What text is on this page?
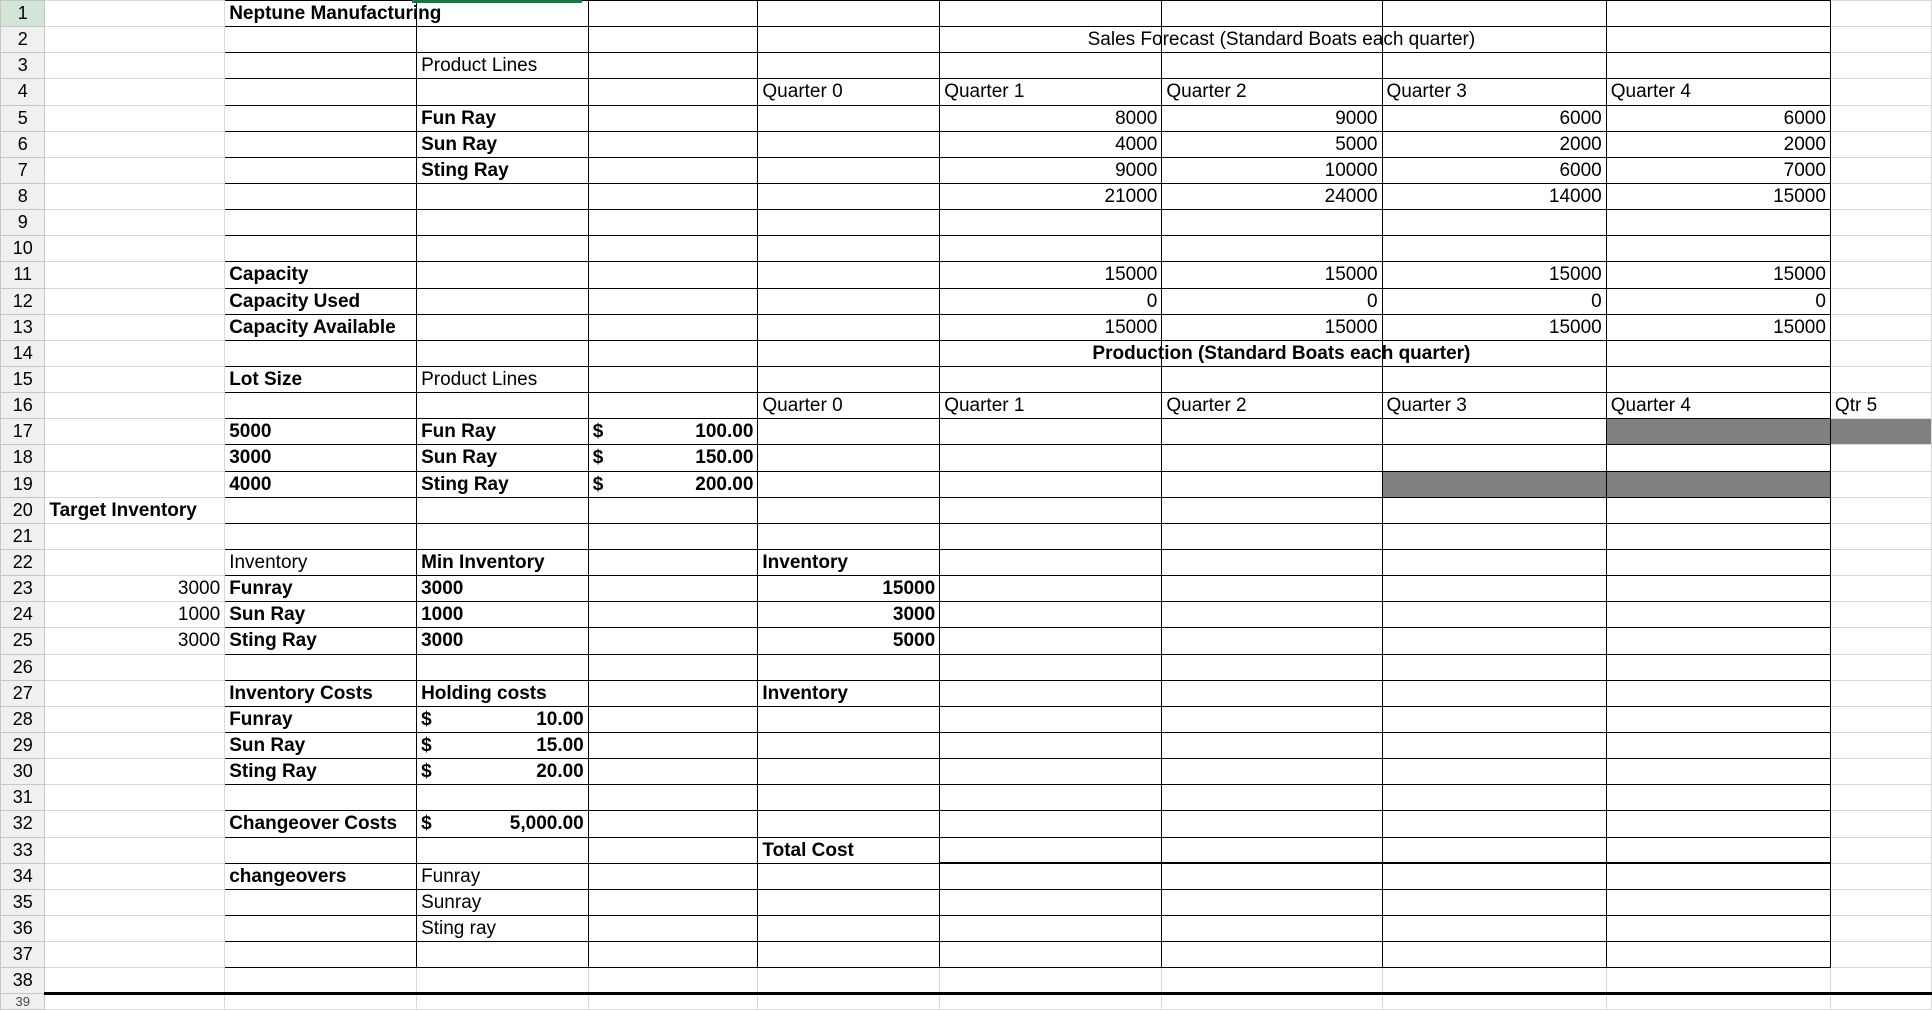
1		Neptune Manufacturing								

2					Sales Forecast (Standard Boats each quarter)					

3			Product Lines							
4					Quarter 0	Quarter 1	Quarter 2	Quarter 3	Quarter 4	
5			Fun Ray			8000	9000	6000	6000	
6			Sun Ray			4000	5000	2000	2000	
7			Sting Ray			9000	10000	6000	7000	
8						21000	24000	14000	15000	
9										
10										
11		Capacity				15000	15000	15000	15000	
12		Capacity Used				0	0	0	0	
13		Capacity Available				15000	15000	15000	15000	
14					Production (Standard Boats each quarter)					

15		Lot Size	Product Lines							
16					Quarter 0	Quarter 1	Quarter 2	Quarter 3	Quarter 4	Qtr 5
17		5000	Fun Ray	$ 100.00						

18		3000	Sun Ray	$ 150.00						

19		4000	Sting Ray	$ 200.00						

20	Target Inventory									

21										
22		Inventory	Min Inventory		Inventory					
23	3000	Funray	3000		15000					
24	1000	Sun Ray	1000		3000					
25	3000	Sting Ray	3000		5000					
26										
27		Inventory Costs	Holding costs		Inventory					
28		Funray	$ 10.00							

29		Sun Ray	$ 15.00							

30		Sting Ray	$ 20.00							

31										
32		Changeover Costs	$ 5,000.00							

33					Total Cost					
34		changeovers	Funray							
35			Sunray							
36			Sting ray							
37										
38										
39										
